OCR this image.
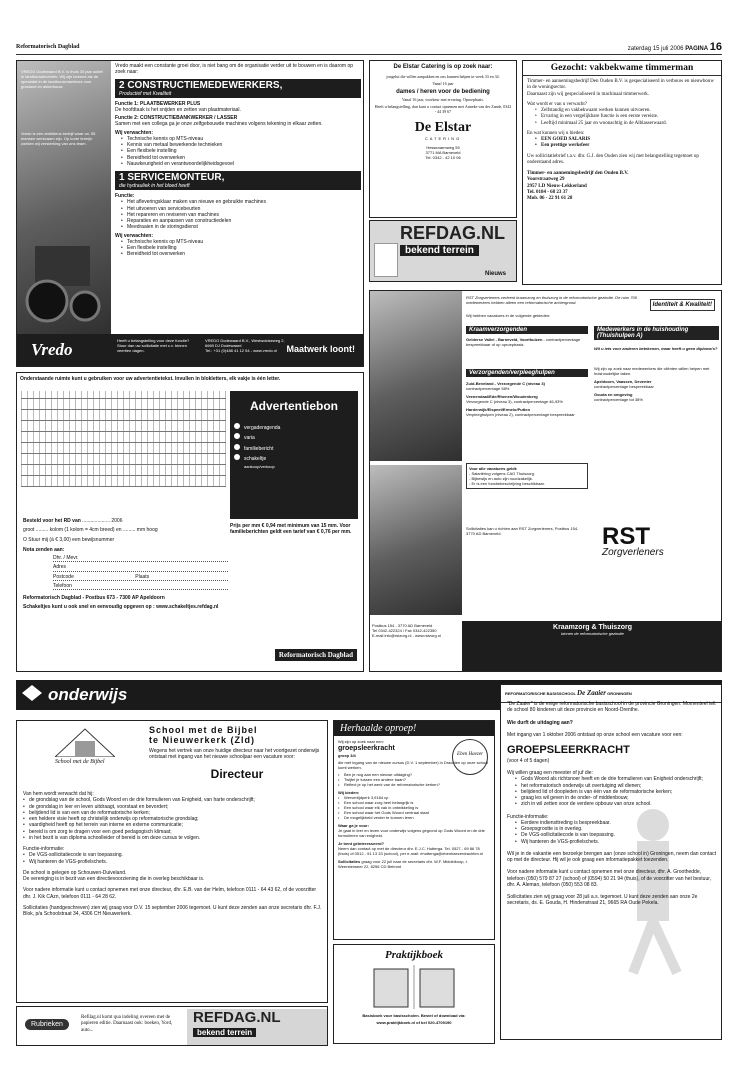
Reformatorisch Dagblad	zaterdag 15 juli 2006 PAGINA 16
VREDO Dodewaard B.V. is thuis 30 jaar actief in landbouwtechniek. Wij zijn bekend als de specialist in de landbouwmachines voor grasland en akkerbouw.
Vredo is een ambitieus bedrijf waar ca. 55 mensen werkzaam zijn. Op korte termijn zoeken wij versterking van ons team.
Vredo maakt een constante groei door, is niet bang om de organisatie verder uit te bouwen en is daarom op zoek naar:
2 CONSTRUCTIEMEDEWERKERS,
Productief met Kwaliteit
Functie 1: PLAATBEWERKER PLUS
De hoofdtaak is het snijden en zetten van plaatmateriaal.
Functie 2: CONSTRUCTIEBANKWERKER / LASSER
Samen met een collega ga je onze zelfgebouwde machines volgens tekening in elkaar zetten.
Wij verwachten:
• Technische kennis op MTS-niveau
• Kennis van metaal bewerkende technieken
• Een flexibele instelling
• Bereidheid tot overwerken
• Nauwkeurigheid en verantwoordelijkheidsgevoel
1 SERVICEMONTEUR,
die hydrauliek in het bloed heeft
Functie:
• Het afleveringsklaar maken van nieuwe en gebruikte machines
• Het uitvoeren van servicebeurten
• Het repareren en reviseren van machines
• Reparaties en aanpassen van constructiedelen
• Meedraaien in de storingsdienst
Wij verwachten:
• Technische kennis op MTS-niveau
• Een flexibele instelling
• Bereidheid tot overwerken
Vredo	Heeft u belangstelling voor deze functie? Stuur dan uw sollicitatie met c.v. binnen veertien dagen.
VREDO Dodewaard B.V., Westwoldseweg 2, 6669 DJ Dodewaard
Tel.: +31 (0)488 41 12 54 - www.vredo.nl	Maatwerk loont!
De Elstar Catering is op zoek naar:
jongelui die willen aanpakken en ons kunnen helpen in week 33 en 34.
Vanaf 16 jaar
dames / heren voor de bediening
Vanaf 16 jaar, voorkeur met ervaring. Oproepbasis.
Heeft u belangstelling, dan kunt u contact opnemen met Anneke van der Zande, 0342 - 44 39 67
De Elstar
CATERING
Hessenarmweg 59
3771 MA Barneveld
Tel. 0342 - 42 10 06
REFDAG.NL
bekend terrein
Nieuws
Gezocht: vakbekwame timmerman
Timmer- en aannemingsbedrijf Den Ouden B.V. is gespecialiseerd in verbouw en nieuwbouw in de woningsector.
Daarnaast zijn wij gespecialiseerd in machinaal timmerwerk.
Wat wordt er van u verwacht?
• Zelfstandig en vakbekwaam werken kunnen uitvoeren.
• Ervaring in een vergelijkbare functie is een eerste vereiste.
• Leeftijd minimaal 25 jaar en woonachtig in de Alblasserwaard.
En wat kunnen wij u bieden:
• EEN GOED SALARIS
• Een prettige werksfeer
Uw sollicitatiebrief t.a.v. dhr. G.J. den Ouden zien wij met belangstelling tegemoet op onderstaand adres.
Timmer- en aannemingsbedrijf den Ouden B.V.
Voorstraatweg 29
2957 LD Nieuw-Lekkerland
Tel. 0184 - 68 23 37
Mob. 06 - 22 91 61 28
Onderstaande ruimte kunt u gebruiken voor uw advertentietekst. Invullen in blokletters, elk vakje is één letter.
Advertentiebon
vergaderagenda
varia
familiebericht
schakeltje
aankoop/verkoop
Prijs per mm € 0,94 met minimum van 15 mm. Voor familieberichten geldt een tarief van € 0,76 per mm.
Besteld voor het RD van .................... 2006
groot ......... kolom (1 kolom = 4cm breed) en ......... mm hoog
O Stuur mij (á € 3,00) een bewijsnummer
Nota zenden aan:
Dhr. / Mevr.
Adres
Postcode	Plaats
Telefoon
Reformatorisch Dagblad - Postbus 673 - 7300 AP Apeldoorn
Schakeltjes kunt u ook snel en eenvoudig opgeven op : www.schakeltjes.refdag.nl
Reformatorisch Dagblad
RST Zorgverleners verleent kraamzorg en thuiszorg in de reformatorische gezindte. De ruim 700 medewerkers hebben alleen een reformatorische achtergrond.	Identiteit & Kwaliteit!
Wij hebben vacatures in de volgende gebieden:
Kraamverzorgenden
Gelderse Vallei - Barneveld, Voorthuizen - contractpercentage bespreekbaar of op oproepbasis.
Verzorgenden/verpleeghulpen
Zuid-Beveland - Verzorgende C (niveau 3)
contractpercentage 58%
Veenendaal/Ede/Rhenen/Woudenberg
Verzorgende C (niveau 3), contractpercentage 46-93%
Harderwijk/Elspeet/Ermelo/Putten
Verpleeghulpen (niveau 2), contractpercentage bespreekbaar
Voor alle vacatures geldt:
- Salariëring volgens CAO Thuiszorg.
- Bijbewijs en auto zijn noodzakelijk.
- Er is een functiebeschrijving beschikbaar.
Medewerkers in de huishouding (Thuishulpen A)
Wil u iets voor anderen betekenen, maar heeft u geen diploma's?
Wij zijn op zoek naar medewerkers die cliënten willen helpen met huishoudelijke taken.
Apeldoorn, Vaassen, Deventer
contractpercentage bespreekbaar
Gouda en omgeving
contractpercentage tot 38%
Sollicitaties kan u richten aan RST Zorgverleners, Postbus 154, 3770 AD Barneveld.	RST
Zorgverleners
Postbus 154 - 3770 AD Barneveld
Tel 0342-422324 / Fax 0342-422350
E-mail info@rstzorg.nl - www.rstzorg.nl
Kraamzorg & Thuiszorg
binnen de reformatorische gezindte
onderwijs
School met de Bijbel
School met de Bijbel
te Nieuwerkerk (Zld)
Wegens het vertrek van onze huidige directeur naar het voortgezet onderwijs ontstaat met ingang van het nieuwe schooljaar een vacature voor:
Directeur
Van hem wordt verwacht dat hij:
• de grondslag van de school, Gods Woord en de drie formulieren van Enigheid, van harte onderschrijft;
• de grondslag in leer en leven uitdraagt, voorstaat en bevordert;
• belijdend lid is van een van de reformatorische kerken;
• een heldere visie heeft op christelijk onderwijs op reformatorische grondslag;
• vaardigheid heeft op het terrein van interne en externe communicatie;
• bereid is om zorg te dragen voor een goed pedagogisch klimaat;
• in het bezit is van diploma schoolleider of bereid is om deze cursus te volgen.
Functie-informatie:
• De VGS-sollicitatiecode is van toepassing.
• Wij hanteren de VGS-profielschets.
De school is gelegen op Schouwen-Duiveland.
De vereniging is in bezit van een directievoorziening die in overleg beschikbaar is.
Voor nadere informatie kunt u contact opnemen met onze directeur, dhr. E.B. van der Helm, telefoon 0111 - 64 43 62, of de voorzitter dhr. J. Kik CAzn, telefoon 0111 - 64 28 62.
Sollicitaties (handgeschreven) zien wij graag voor D.V. 15 september 2006 tegemoet. U kunt deze zenden aan onze secretaris dhr. F.J. Blok, p/a Schoolstraat 34, 4306 CH Nieuwerkerk.
Herhaalde oproep!
Wij zijn op zoek naar een:
groepsleerkracht
groep 3/4	Eben Haezer
die met ingang van de nieuwe cursus (D.V. 1 september) in Drachten op onze school komt werken.
• Ben je nog aan een nieuwe uitdaging?
• Twijfel je tussen een andere baan?
• Reflect je op het werk van de reformatorische kerken?
Wij bieden:
• Wervertijdperk 3,9184 cp
• Een school waar zorg heel belangrijk is
• Een school waar elk vak in ontwikkeling is
• Een school waar het Gods Woord centraal staat
• De mogelijkheid verder te kunnen leren
Waar ga je voor:
Je gaat in leer en leven voor onderwijs volgens gegrond op Gods Woord en de drie formulieren van enigheid.
Je bent geïnteresseerd?
Neem dan contact op met de directeur dhr. E.J.C. Hutterga. Tel. 0527 - 69 86 78 (thuis) of 0512 - 51 13 33 (school), per e-mail: ehuttenga@ebenhaezerdrachten.nl
Sollicitaties graag voor 22 juli naar de secretaris dhr. W.F. Middelkoop, t. Weersterweer 22, 8256 CD Belmmt
Praktijkboek
Basisboek voor basisscholen. Bestel of download via:
www.praktijkboek.nl of bel 020-4709190
REFORMATORISCHE BASISSCHOOL De Zaaier GRONINGEN
"De Zaaier" is de enige reformatorische basisschool in de provincie Groningen. Momenteel telt de school 80 kinderen uit deze provincie en Noord-Drenthe.
Wie durft de uitdaging aan?
Met ingang van 1 oktober 2006 ontstaat op onze school een vacature voor een:
GROEPSLEERKRACHT
(voor 4 of 5 dagen)
Wij willen graag een meester of juf die:
• Gods Woord als richtsnoer heeft en de drie formulieren van Enigheid onderschrijft;
• het reformatorisch onderwijs uit overtuiging wil dienen;
• belijdend lid of doopleden is van één van de reformatorische kerken;
• graag les wil geven in de onder- of middenbouw;
• zich in wil zetten voor de verdere opbouw van onze school.
Functie-informatie:
• Eerdere indiensttreding is bespreekbaar.
• Groepsgrootte is in overleg.
• De VGS-sollicitatiecode is van toepassing.
• Wij hanteren de VGS-profielschets.
Wil je in de vakantie een bezoekje brengen aan (onze school in) Groningen, neem dan contact op met de directeur. Hij wil je ook graag een informatiepakket toezenden.
Voor nadere informatie kunt u contact opnemen met onze directeur, dhr. A. Groothedde, telefoon (050) 579 87 27 (school) of (0594) 50 21 94 (thuis), of de voorzitter van het bestuur, dhr. A. Aleman, telefoon (050) 553 08 83.
Sollicitaties zien wij graag voor 28 juli a.s. tegemoet. U kunt deze zenden aan onze 2e secretaris, ds. E. Gouda, H. Hindenstraat 21, 9665 RA Oude Pekela.
Rubrieken
Refilag.nl komt qua indeling overeen met de papieren editie. Daarnaast ook: boeken, Yord, auto...
REFDAG.NL
bekend terrein
